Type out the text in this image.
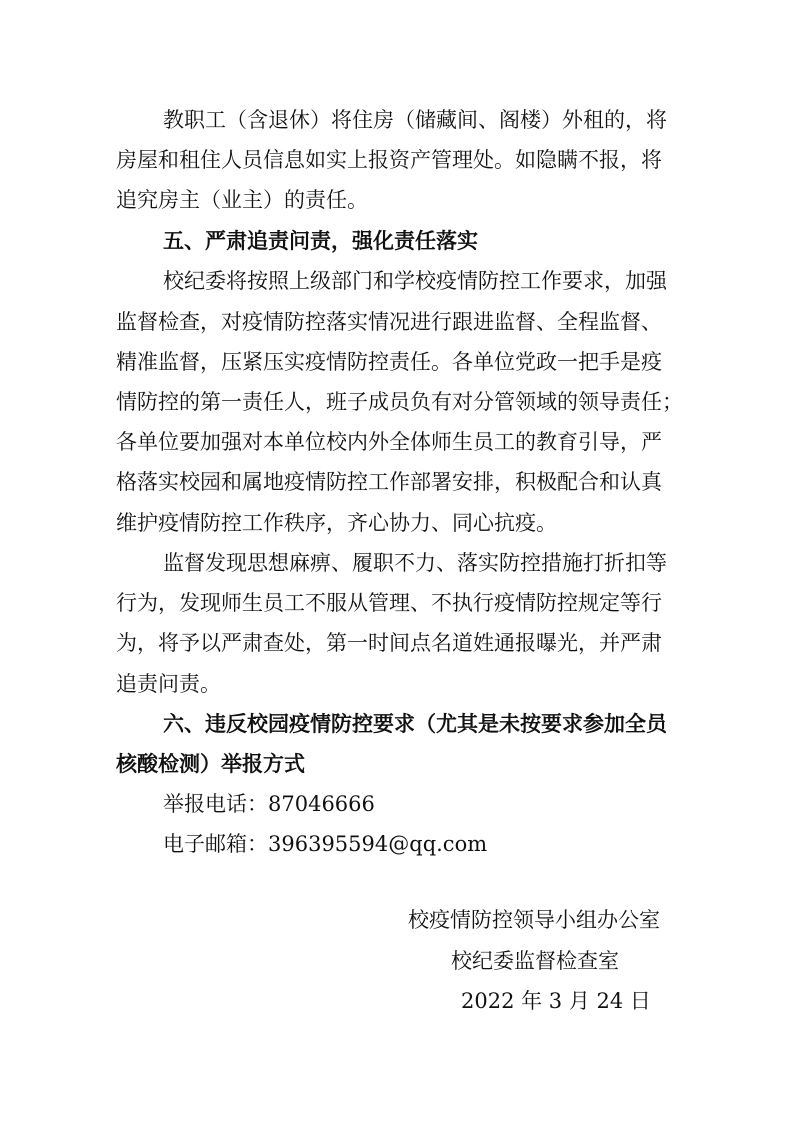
教职工（含退休）将住房（储藏间、阁楼）外租的，将
房屋和租住人员信息如实上报资产管理处。如隐瞒不报，将
追究房主（业主）的责任。
五、严肃追责问责，强化责任落实
校纪委将按照上级部门和学校疫情防控工作要求，加强
监督检查，对疫情防控落实情况进行跟进监督、全程监督、
精准监督，压紧压实疫情防控责任。各单位党政一把手是疫
情防控的第一责任人，班子成员负有对分管领域的领导责任；
各单位要加强对本单位校内外全体师生员工的教育引导，严
格落实校园和属地疫情防控工作部署安排，积极配合和认真
维护疫情防控工作秩序，齐心协力、同心抗疫。
监督发现思想麻痹、履职不力、落实防控措施打折扣等
行为，发现师生员工不服从管理、不执行疫情防控规定等行
为，将予以严肃查处，第一时间点名道姓通报曝光，并严肃
追责问责。
六、违反校园疫情防控要求（尤其是未按要求参加全员
核酸检测）举报方式
举报电话：87046666
电子邮箱：396395594@qq.com
校疫情防控领导小组办公室
校纪委监督检查室
2022 年 3 月 24 日
